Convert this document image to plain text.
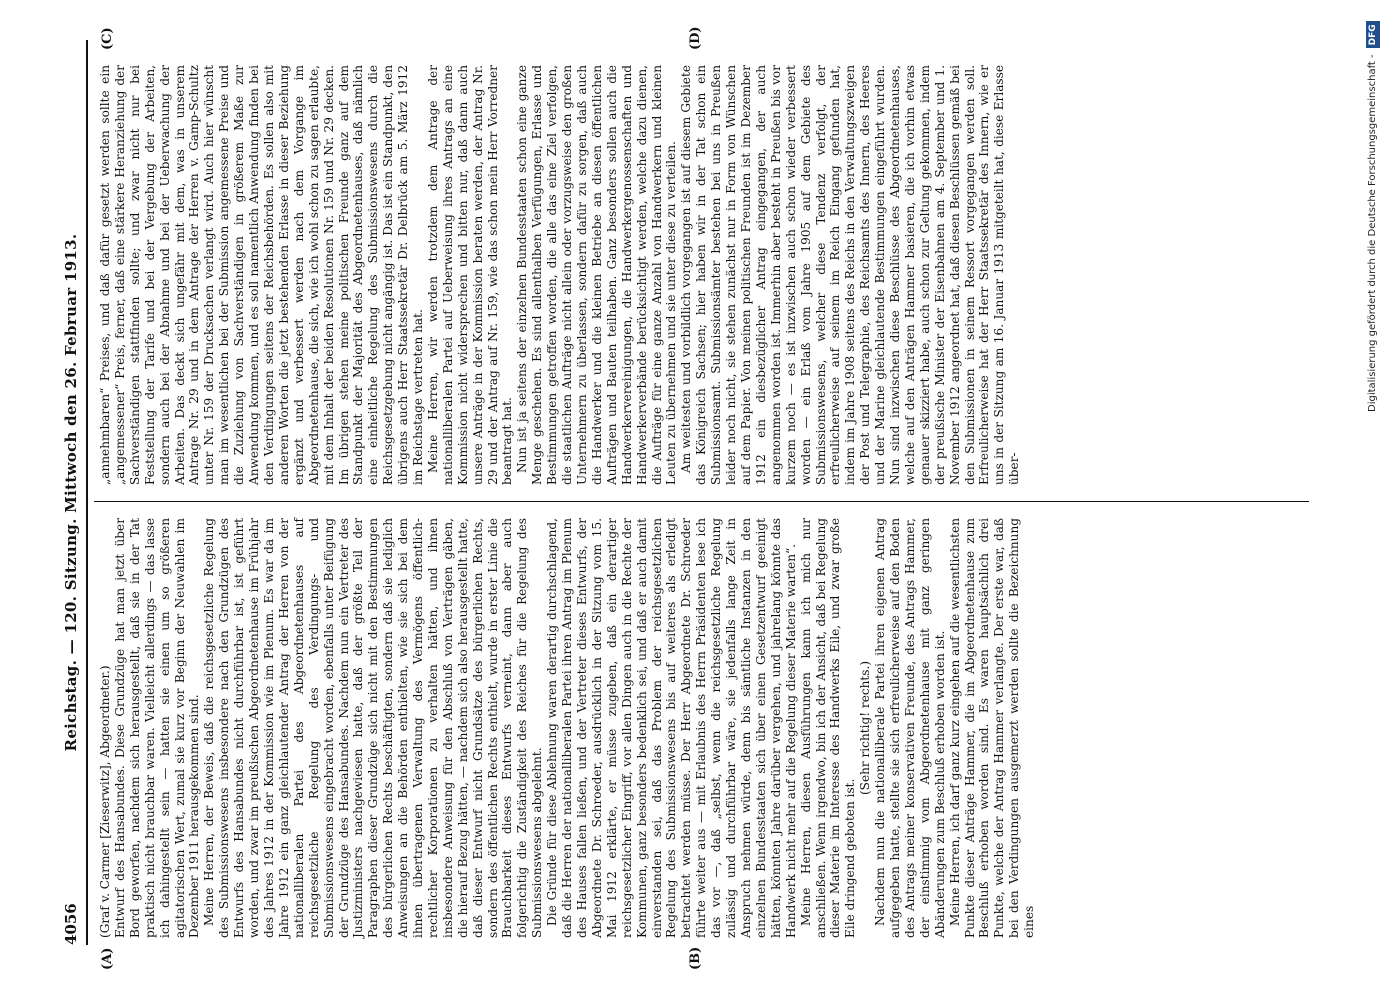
4056
Reichstag. — 120. Sitzung. Mittwoch den 26. Februar 1913.
(A)	(B)
(C)	(D)

(Graf v. Carmer [Zieserwitz], Abgeordneter.) Entwurf des Hansabundes. Diese Grundzüge hat man jetzt über Bord geworfen, nachdem sich herausgestellt, daß sie in der Tat praktisch nicht brauchbar waren. Vielleicht allerdings — das lasse ich dahingestellt sein — hatten sie einen um so größeren agitatorischen Wert, zumal sie kurz vor Beginn der Neuwahlen im Dezember 1911 herausgekommen sind. Meine Herren, der Beweis, daß die reichsgesetzliche Regelung des Submissionswesens insbesondere nach den Grundzügen des Entwurfs des Hansabundes nicht durchführbar ist, ist geführt worden, und zwar im preußischen Abgeordnetenhause im Frühjahr des Jahres 1912 in der Kommission wie im Plenum. Es war da im Jahre 1912 ein ganz gleichlautender Antrag der Herren von der nationalliberalen Partei des Abgeordnetenhauses auf reichsgesetzliche Regelung des Verdingungs- und Submissionswesens eingebracht worden, ebenfalls unter Beifügung der Grundzüge des Hansabundes. Nachdem nun ein Vertreter des Justizministers nachgewiesen hatte, daß der größte Teil der Paragraphen dieser Grundzüge sich nicht mit den Bestimmungen des bürgerlichen Rechts beschäftigten, sondern daß sie lediglich Anweisungen an die Behörden enthielten, wie sie sich bei dem ihnen übertragenen Verwaltung des Vermögens öffentlich-rechtlicher Korporationen zu verhalten hätten, und ihnen insbesondere Anweisung für den Abschluß von Verträgen gäben, die hierauf Bezug hätten, — nachdem sich also herausgestellt hatte, daß dieser Entwurf nicht Grundsätze des bürgerlichen Rechts, sondern des öffentlichen Rechts enthielt, wurde in erster Linie die Brauchbarkeit dieses Entwurfs verneint, dann aber auch folgerichtig die Zuständigkeit des Reiches für die Regelung des Submissionswesens abgelehnt. Die Gründe für diese Ablehnung waren derartig durchschlagend, daß die Herren der nationalliberalen Partei ihren Antrag im Plenum des Hauses fallen ließen, und der Vertreter dieses Entwurfs, der Abgeordnete Dr. Schroeder, ausdrücklich in der Sitzung vom 15. Mai 1912 erklärte, er müsse zugeben, daß ein derartiger reichsgesetzlicher Eingriff, vor allen Dingen auch in die Rechte der Kommunen, ganz besonders bedenklich sei, und daß er auch damit einverstanden sei, daß das Problem der reichsgesetzlichen Regelung des Submissionswesens bis auf weiteres als erledigt betrachtet werden müsse. Der Herr Abgeordnete Dr. Schroeder führte weiter aus — mit Erlaubnis des Herrn Präsidenten lese ich das vor —, daß „selbst, wenn die reichsgesetzliche Regelung zulässig und durchführbar wäre, sie jedenfalls lange Zeit in Anspruch nehmen würde, denn bis sämtliche Instanzen in den einzelnen Bundesstaaten sich über einen Gesetzentwurf geeinigt hätten, könnten Jahre darüber vergehen, und jahrelang könnte das Handwerk nicht mehr auf die Regelung dieser Materie warten“. Meine Herren, diesen Ausführungen kann ich mich nur anschließen. Wenn irgendwo, bin ich der Ansicht, daß bei Regelung dieser Materie im Interesse des Handwerks Eile, und zwar große Eile dringend geboten ist.

(Sehr richtig! rechts.) Nachdem nun die nationalliberale Partei ihren eigenen Antrag aufgegeben hatte, stellte sie sich erfreulicherweise auf den Boden des Antrags meiner konservativen Freunde, des Antrags Hammer, der einstimmig vom Abgeordnetenhause mit ganz geringen Abänderungen zum Beschluß erhoben worden ist. Meine Herren, ich darf ganz kurz eingehen auf die wesentlichsten Punkte dieser Anträge Hammer, die im Abgeordnetenhause zum Beschluß erhoben worden sind. Es waren hauptsächlich drei Punkte, welche der Antrag Hammer verlangte. Der erste war, daß bei den Verdingungen ausgemerzt werden sollte die Bezeichnung eines

„annehmbaren“ Preises, und daß dafür gesetzt werden sollte ein „angemessener“ Preis, ferner, daß eine stärkere Heranziehung der Sachverständigen stattfinden sollte; und zwar nicht nur bei Feststellung der Tarife und bei der Vergebung der Arbeiten, sondern auch bei der Abnahme und bei der Ueberwachung der Arbeiten. Das deckt sich ungefähr mit dem, was in unserem Antrage Nr. 29 und in dem Antrage der Herren v. Gamp-Schultz unter Nr. 159 der Drucksachen verlangt wird. Auch hier wünscht man im wesentlichen bei der Submission angemessene Preise und die Zuziehung von Sachverständigen in größerem Maße zur Anwendung kommen, und es soll namentlich Anwendung finden bei den Verdingungen seitens der Reichsbehörden. Es sollen also mit anderen Worten die jetzt bestehenden Erlasse in dieser Beziehung ergänzt und verbessert werden nach dem Vorgange im Abgeordnetenhause, die sich, wie ich wohl schon zu sagen erlaubte, mit dem Inhalt der beiden Resolutionen Nr. 159 und Nr. 29 decken. Im übrigen stehen meine politischen Freunde ganz auf dem Standpunkt der Majorität des Abgeordnetenhauses, daß nämlich eine einheitliche Regelung des Submissionswesens durch die Reichsgesetzgebung nicht angängig ist. Das ist ein Standpunkt, den übrigens auch Herr Staatssekretär Dr. Delbrück am 5. März 1912 im Reichstage vertreten hat. Meine Herren, wir werden trotzdem dem Antrage der nationalliberalen Partei auf Ueberweisung ihres Antrags an eine Kommission nicht widersprechen und bitten nur, daß dann auch unsere Anträge in der Kommission beraten werden, der Antrag Nr. 29 und der Antrag auf Nr. 159, wie das schon mein Herr Vorredner beantragt hat. Nun ist ja seitens der einzelnen Bundesstaaten schon eine ganze Menge geschehen. Es sind allenthalben Verfügungen, Erlasse und Bestimmungen getroffen worden, die alle das eine Ziel verfolgen, die staatlichen Aufträge nicht allein oder vorzugsweise den großen Unternehmern zu überlassen, sondern dafür zu sorgen, daß auch die Handwerker und die kleinen Betriebe an diesen öffentlichen Aufträgen und Bauten teilhaben. Ganz besonders sollen auch die Handwerkervereinigungen, die Handwerkergenossenschaften und Handwerkerverbände berücksichtigt werden, welche dazu dienen, die Aufträge für eine ganze Anzahl von Handwerkern und kleinen Leuten zu übernehmen und sie unter diese zu verteilen. Am weitesten und vorbildlich vorgegangen ist auf diesem Gebiete das Königreich Sachsen; hier haben wir in der Tat schon ein Submissionsamt. Submissionsämter bestehen bei uns in Preußen leider noch nicht, sie stehen zunächst nur in Form von Wünschen auf dem Papier. Von meinen politischen Freunden ist im Dezember 1912 ein diesbezüglicher Antrag eingegangen, der auch angenommen worden ist. Immerhin aber besteht in Preußen bis vor kurzem noch — es ist inzwischen auch schon wieder verbessert worden — ein Erlaß vom Jahre 1905 auf dem Gebiete des Submissionswesens, welcher diese Tendenz verfolgt, der erfreulicherweise auf seinem im Reich Eingang gefunden hat, indem im Jahre 1908 seitens des Reichs in den Verwaltungszweigen der Post und Telegraphie, des Reichsamts des Innern, des Heeres und der Marine gleichlautende Bestimmungen eingeführt wurden. Nun sind inzwischen diese Beschlüsse des Abgeordnetenhauses, welche auf den Anträgen Hammer basieren, die ich vorhin etwas genauer skizziert habe, auch schon zur Geltung gekommen, indem der preußische Minister der Eisenbahnen am 4. September und 1. November 1912 angeordnet hat, daß diesen Beschlüssen gemäß bei den Submissionen in seinem Ressort vorgegangen werden soll. Erfreulicherweise hat der Herr Staatssekretär des Innern, wie er uns in der Sitzung am 16. Januar 1913 mitgeteilt hat, diese Erlasse über-

Digitalisierung gefördert durch die Deutsche Forschungsgemeinschaft -DFG
